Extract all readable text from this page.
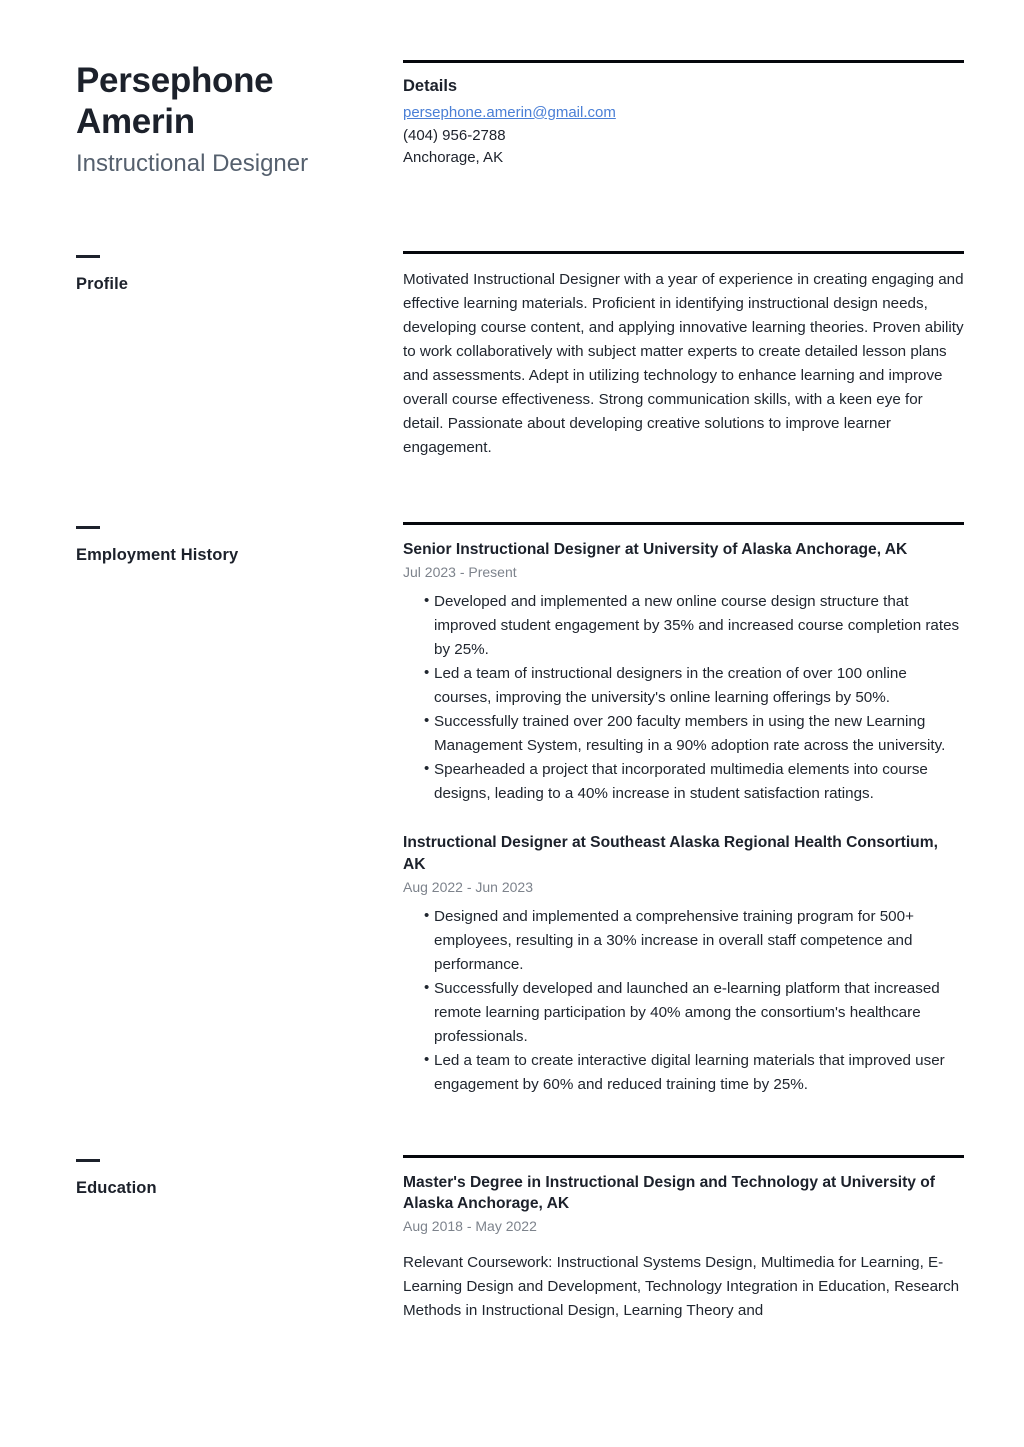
Persephone Amerin
Instructional Designer
Details
persephone.amerin@gmail.com
(404) 956-2788
Anchorage, AK
Profile	Motivated Instructional Designer with a year of experience in creating engaging and effective learning materials. Proficient in identifying instructional design needs, developing course content, and applying innovative learning theories. Proven ability to work collaboratively with subject matter experts to create detailed lesson plans and assessments. Adept in utilizing technology to enhance learning and improve overall course effectiveness. Strong communication skills, with a keen eye for detail. Passionate about developing creative solutions to improve learner engagement.

Employment History	Senior Instructional Designer at University of Alaska Anchorage, AK
Jul 2023 - Present
• Developed and implemented a new online course design structure that improved student engagement by 35% and increased course completion rates by 25%.
• Led a team of instructional designers in the creation of over 100 online courses, improving the university's online learning offerings by 50%.
• Successfully trained over 200 faculty members in using the new Learning Management System, resulting in a 90% adoption rate across the university.
• Spearheaded a project that incorporated multimedia elements into course designs, leading to a 40% increase in student satisfaction ratings.
Instructional Designer at Southeast Alaska Regional Health Consortium, AK
Aug 2022 - Jun 2023
• Designed and implemented a comprehensive training program for 500+ employees, resulting in a 30% increase in overall staff competence and performance.
• Successfully developed and launched an e-learning platform that increased remote learning participation by 40% among the consortium's healthcare professionals.
• Led a team to create interactive digital learning materials that improved user engagement by 60% and reduced training time by 25%.
Education	Master's Degree in Instructional Design and Technology at University of Alaska Anchorage, AK
Aug 2018 - May 2022

Relevant Coursework: Instructional Systems Design, Multimedia for Learning, E-Learning Design and Development, Technology Integration in Education, Research Methods in Instructional Design, Learning Theory and
